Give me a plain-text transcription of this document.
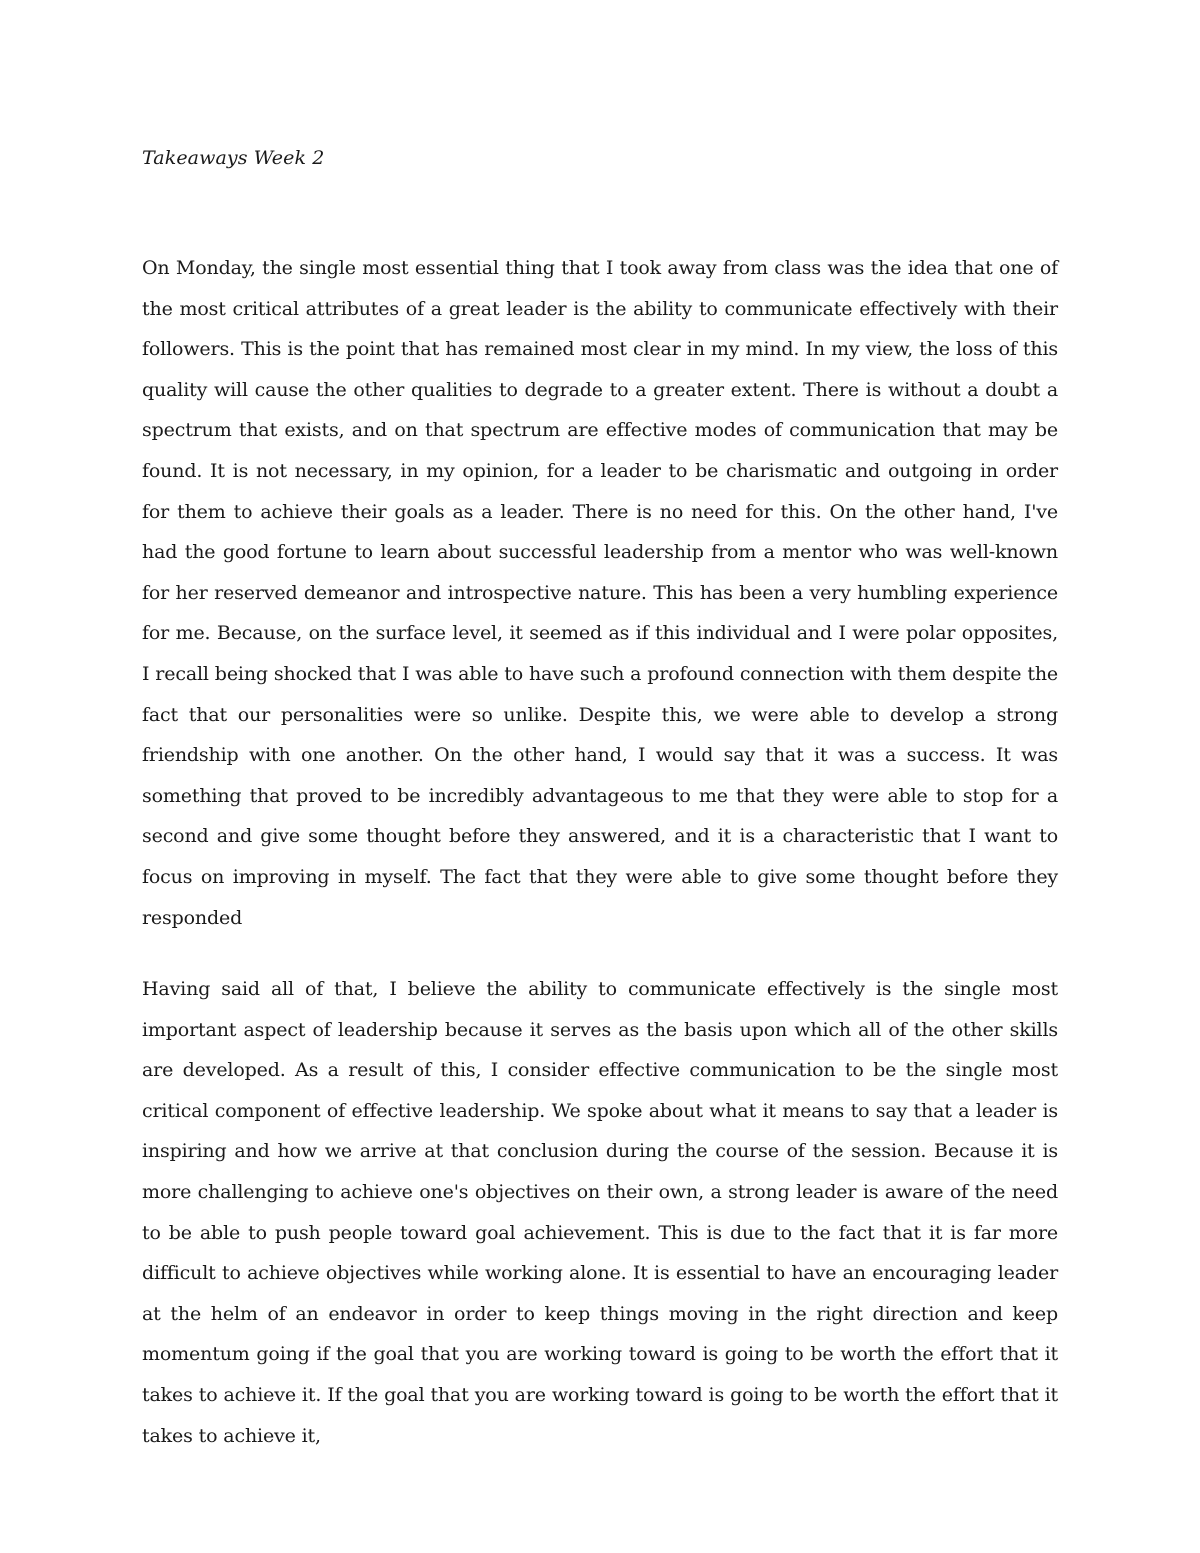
Takeaways Week 2

On Monday, the single most essential thing that I took away from class was the idea that one of the most critical attributes of a great leader is the ability to communicate effectively with their followers. This is the point that has remained most clear in my mind. In my view, the loss of this quality will cause the other qualities to degrade to a greater extent. There is without a doubt a spectrum that exists, and on that spectrum are effective modes of communication that may be found. It is not necessary, in my opinion, for a leader to be charismatic and outgoing in order for them to achieve their goals as a leader. There is no need for this. On the other hand, I've had the good fortune to learn about successful leadership from a mentor who was well-known for her reserved demeanor and introspective nature. This has been a very humbling experience for me. Because, on the surface level, it seemed as if this individual and I were polar opposites, I recall being shocked that I was able to have such a profound connection with them despite the fact that our personalities were so unlike. Despite this, we were able to develop a strong friendship with one another. On the other hand, I would say that it was a success. It was something that proved to be incredibly advantageous to me that they were able to stop for a second and give some thought before they answered, and it is a characteristic that I want to focus on improving in myself. The fact that they were able to give some thought before they responded

Having said all of that, I believe the ability to communicate effectively is the single most important aspect of leadership because it serves as the basis upon which all of the other skills are developed. As a result of this, I consider effective communication to be the single most critical component of effective leadership. We spoke about what it means to say that a leader is inspiring and how we arrive at that conclusion during the course of the session. Because it is more challenging to achieve one's objectives on their own, a strong leader is aware of the need to be able to push people toward goal achievement. This is due to the fact that it is far more difficult to achieve objectives while working alone. It is essential to have an encouraging leader at the helm of an endeavor in order to keep things moving in the right direction and keep momentum going if the goal that you are working toward is going to be worth the effort that it takes to achieve it. If the goal that you are working toward is going to be worth the effort that it takes to achieve it,
